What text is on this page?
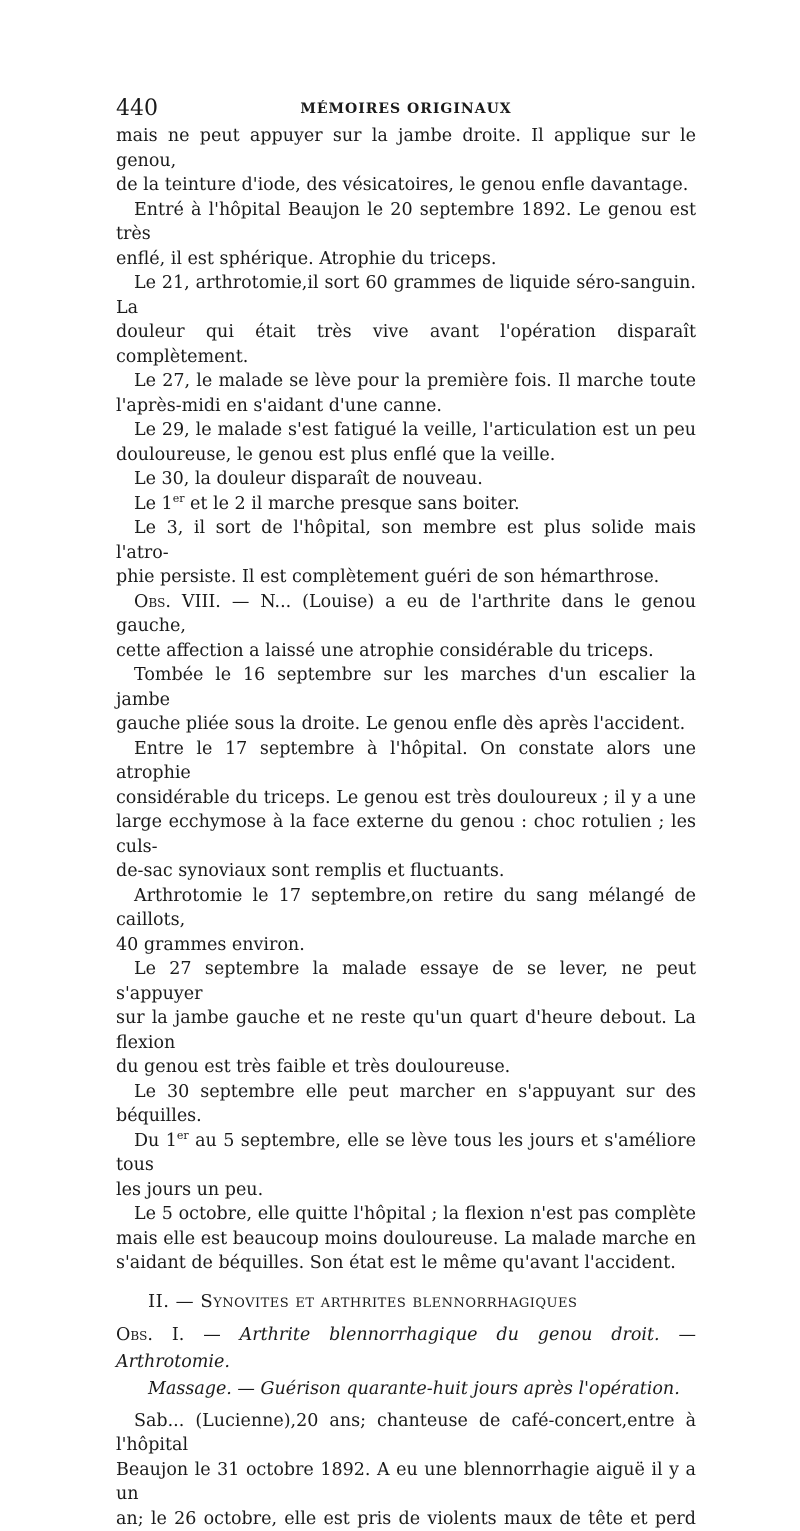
440	MÉMOIRES ORIGINAUX
mais ne peut appuyer sur la jambe droite. Il applique sur le genou,
de la teinture d'iode, des vésicatoires, le genou enfle davantage.
Entré à l'hôpital Beaujon le 20 septembre 1892. Le genou est très
enflé, il est sphérique. Atrophie du triceps.
Le 21, arthrotomie,il sort 60 grammes de liquide séro-sanguin. La
douleur qui était très vive avant l'opération disparaît complètement.
Le 27, le malade se lève pour la première fois. Il marche toute
l'après-midi en s'aidant d'une canne.
Le 29, le malade s'est fatigué la veille, l'articulation est un peu
douloureuse, le genou est plus enflé que la veille.
Le 30, la douleur disparaît de nouveau.
Le 1er et le 2 il marche presque sans boiter.
Le 3, il sort de l'hôpital, son membre est plus solide mais l'atro-
phie persiste. Il est complètement guéri de son hémarthrose.
Obs. VIII. — N... (Louise) a eu de l'arthrite dans le genou gauche,
cette affection a laissé une atrophie considérable du triceps.
Tombée le 16 septembre sur les marches d'un escalier la jambe
gauche pliée sous la droite. Le genou enfle dès après l'accident.
Entre le 17 septembre à l'hôpital. On constate alors une atrophie
considérable du triceps. Le genou est très douloureux ; il y a une
large ecchymose à la face externe du genou : choc rotulien ; les culs-
de-sac synoviaux sont remplis et fluctuants.
Arthrotomie le 17 septembre,on retire du sang mélangé de caillots,
40 grammes environ.
Le 27 septembre la malade essaye de se lever, ne peut s'appuyer
sur la jambe gauche et ne reste qu'un quart d'heure debout. La flexion
du genou est très faible et très douloureuse.
Le 30 septembre elle peut marcher en s'appuyant sur des béquilles.
Du 1er au 5 septembre, elle se lève tous les jours et s'améliore tous
les jours un peu.
Le 5 octobre, elle quitte l'hôpital ; la flexion n'est pas complète
mais elle est beaucoup moins douloureuse. La malade marche en
s'aidant de béquilles. Son état est le même qu'avant l'accident.
II. — Synovites et arthrites blennorrhagiques
Obs. I. — Arthrite blennorrhagique du genou droit. — Arthrotomie.
Massage. — Guérison quarante-huit jours après l'opération.
Sab... (Lucienne),20 ans; chanteuse de café-concert,entre à l'hôpital
Beaujon le 31 octobre 1892. A eu une blennorrhagie aiguë il y a un
an; le 26 octobre, elle est pris de violents maux de tête et perd
